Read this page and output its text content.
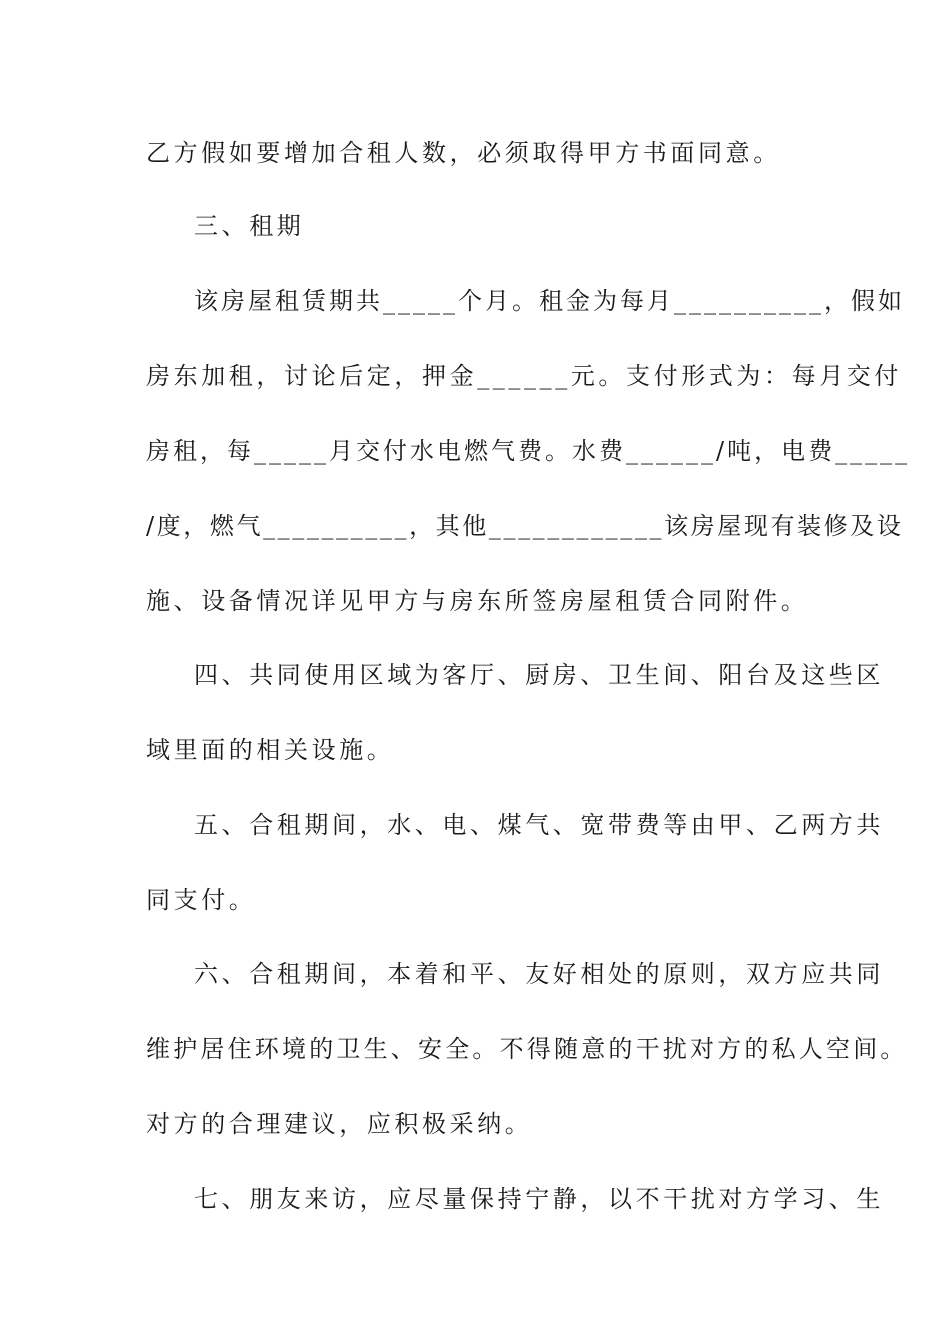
乙方假如要增加合租人数，必须取得甲方书面同意。
三、租期
该房屋租赁期共_____个月。租金为每月__________，假如
房东加租，讨论后定，押金______元。支付形式为：每月交付
房租，每_____月交付水电燃气费。水费______/吨，电费_____
/度，燃气__________，其他____________该房屋现有装修及设
施、设备情况详见甲方与房东所签房屋租赁合同附件。
四、共同使用区域为客厅、厨房、卫生间、阳台及这些区
域里面的相关设施。
五、合租期间，水、电、煤气、宽带费等由甲、乙两方共
同支付。
六、合租期间，本着和平、友好相处的原则，双方应共同
维护居住环境的卫生、安全。不得随意的干扰对方的私人空间。
对方的合理建议，应积极采纳。
七、朋友来访，应尽量保持宁静，以不干扰对方学习、生
